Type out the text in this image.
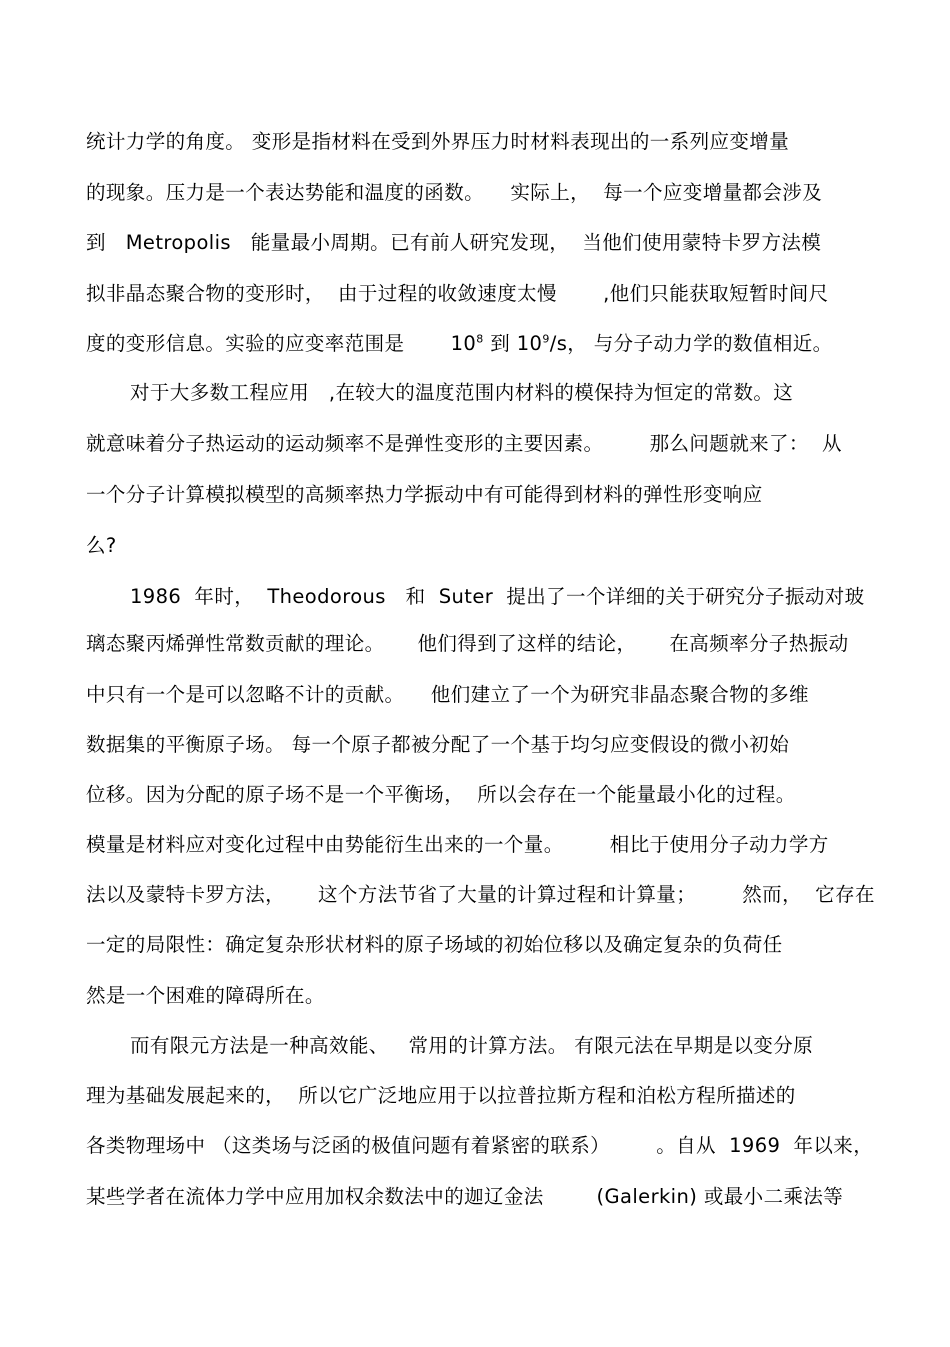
统计力学的角度。 变形是指材料在受到外界压力时材料表现出的一系列应变增量
的现象。压力是一个表达势能和温度的函数。    实际上，  每一个应变增量都会涉及
到   Metropolis   能量最小周期。已有前人研究发现，  当他们使用蒙特卡罗方法模
拟非晶态聚合物的变形时，  由于过程的收敛速度太慢       ,他们只能获取短暂时间尺
度的变形信息。实验的应变率范围是       $10^8$ 到 $10^9/s$， 与分子动力学的数值相近。
对于大多数工程应用   ,在较大的温度范围内材料的模保持为恒定的常数。这
就意味着分子热运动的运动频率不是弹性变形的主要因素。       那么问题就来了：  从
一个分子计算模拟模型的高频率热力学振动中有可能得到材料的弹性形变响应
么?
1986  年时，  Theodorous   和  Suter  提出了一个详细的关于研究分子振动对玻
璃态聚丙烯弹性常数贡献的理论。     他们得到了这样的结论，     在高频率分子热振动
中只有一个是可以忽略不计的贡献。    他们建立了一个为研究非晶态聚合物的多维
数据集的平衡原子场。 每一个原子都被分配了一个基于均匀应变假设的微小初始
位移。因为分配的原子场不是一个平衡场，  所以会存在一个能量最小化的过程。
模量是材料应对变化过程中由势能衍生出来的一个量。       相比于使用分子动力学方
法以及蒙特卡罗方法，     这个方法节省了大量的计算过程和计算量；       然而，  它存在
一定的局限性：确定复杂形状材料的原子场域的初始位移以及确定复杂的负荷任
然是一个困难的障碍所在。
而有限元方法是一种高效能、   常用的计算方法。 有限元法在早期是以变分原
理为基础发展起来的，  所以它广泛地应用于以拉普拉斯方程和泊松方程所描述的
各类物理场中 （这类场与泛函的极值问题有着紧密的联系）       。自从  1969  年以来，
某些学者在流体力学中应用加权余数法中的迦辽金法        (Galerkin) 或最小二乘法等
